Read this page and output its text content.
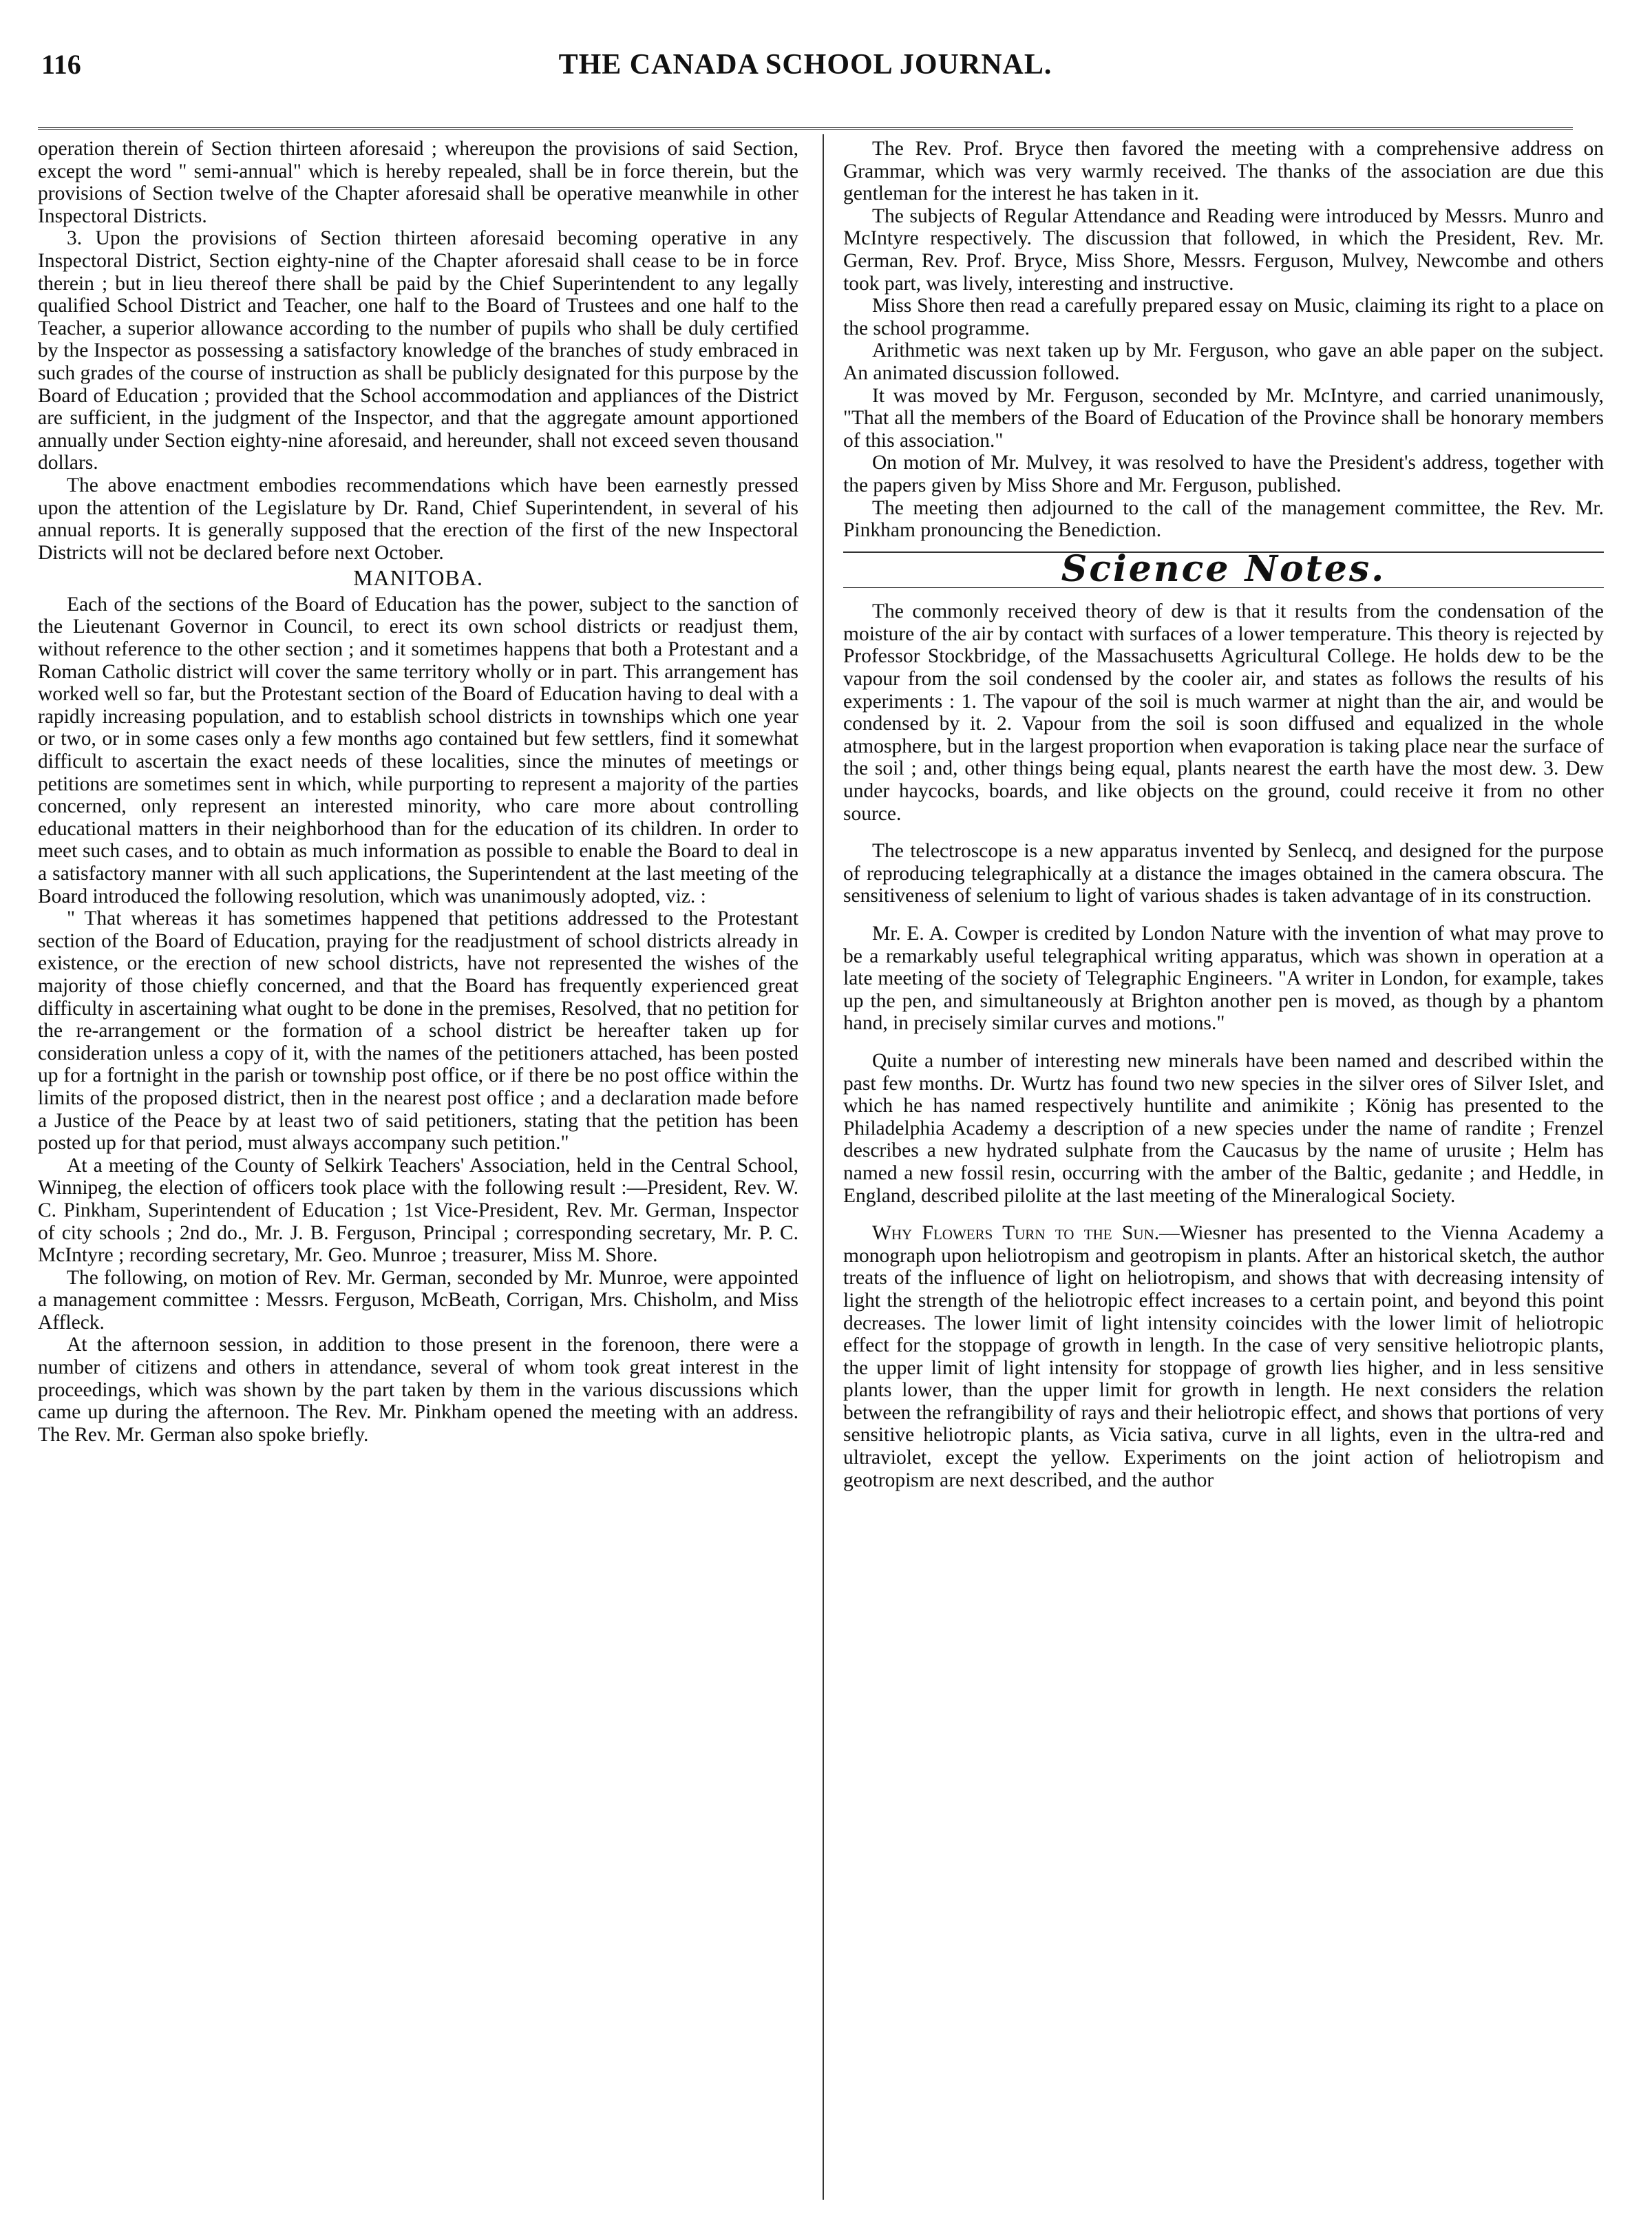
THE CANADA SCHOOL JOURNAL.
116

operation therein of Section thirteen aforesaid ; whereupon the provisions of said Section, except the word " semi-annual" which is hereby repealed, shall be in force therein, but the provisions of Section twelve of the Chapter aforesaid shall be operative meanwhile in other Inspectoral Districts.

3. Upon the provisions of Section thirteen aforesaid becoming operative in any Inspectoral District, Section eighty-nine of the Chapter aforesaid shall cease to be in force therein ; but in lieu thereof there shall be paid by the Chief Superintendent to any legally qualified School District and Teacher, one half to the Board of Trustees and one half to the Teacher, a superior allowance according to the number of pupils who shall be duly certified by the Inspector as possessing a satisfactory knowledge of the branches of study embraced in such grades of the course of instruction as shall be publicly designated for this purpose by the Board of Education ; provided that the School accommodation and appliances of the District are sufficient, in the judgment of the Inspector, and that the aggregate amount apportioned annually under Section eighty-nine aforesaid, and hereunder, shall not exceed seven thousand dollars.

The above enactment embodies recommendations which have been earnestly pressed upon the attention of the Legislature by Dr. Rand, Chief Superintendent, in several of his annual reports. It is generally supposed that the erection of the first of the new Inspectoral Districts will not be declared before next October.

MANITOBA.

Each of the sections of the Board of Education has the power, subject to the sanction of the Lieutenant Governor in Council, to erect its own school districts or readjust them, without reference to the other section ; and it sometimes happens that both a Protestant and a Roman Catholic district will cover the same territory wholly or in part. This arrangement has worked well so far, but the Protestant section of the Board of Education having to deal with a rapidly increasing population, and to establish school districts in townships which one year or two, or in some cases only a few months ago contained but few settlers, find it somewhat difficult to ascertain the exact needs of these localities, since the minutes of meetings or petitions are sometimes sent in which, while purporting to represent a majority of the parties concerned, only represent an interested minority, who care more about controlling educational matters in their neighborhood than for the education of its children. In order to meet such cases, and to obtain as much information as possible to enable the Board to deal in a satisfactory manner with all such applications, the Superintendent at the last meeting of the Board introduced the following resolution, which was unanimously adopted, viz. :

" That whereas it has sometimes happened that petitions addressed to the Protestant section of the Board of Education, praying for the readjustment of school districts already in existence, or the erection of new school districts, have not represented the wishes of the majority of those chiefly concerned, and that the Board has frequently experienced great difficulty in ascertaining what ought to be done in the premises, Resolved, that no petition for the re-arrangement or the formation of a school district be hereafter taken up for consideration unless a copy of it, with the names of the petitioners attached, has been posted up for a fortnight in the parish or township post office, or if there be no post office within the limits of the proposed district, then in the nearest post office ; and a declaration made before a Justice of the Peace by at least two of said petitioners, stating that the petition has been posted up for that period, must always accompany such petition."

At a meeting of the County of Selkirk Teachers' Association, held in the Central School, Winnipeg, the election of officers took place with the following result :—President, Rev. W. C. Pinkham, Superintendent of Education ; 1st Vice-President, Rev. Mr. German, Inspector of city schools ; 2nd do., Mr. J. B. Ferguson, Principal ; corresponding secretary, Mr. P. C. McIntyre ; recording secretary, Mr. Geo. Munroe ; treasurer, Miss M. Shore.

The following, on motion of Rev. Mr. German, seconded by Mr. Munroe, were appointed a management committee : Messrs. Ferguson, McBeath, Corrigan, Mrs. Chisholm, and Miss Affleck.

At the afternoon session, in addition to those present in the forenoon, there were a number of citizens and others in attendance, several of whom took great interest in the proceedings, which was shown by the part taken by them in the various discussions which came up during the afternoon. The Rev. Mr. Pinkham opened the meeting with an address. The Rev. Mr. German also spoke briefly.

The Rev. Prof. Bryce then favored the meeting with a comprehensive address on Grammar, which was very warmly received. The thanks of the association are due this gentleman for the interest he has taken in it.

The subjects of Regular Attendance and Reading were introduced by Messrs. Munro and McIntyre respectively. The discussion that followed, in which the President, Rev. Mr. German, Rev. Prof. Bryce, Miss Shore, Messrs. Ferguson, Mulvey, Newcombe and others took part, was lively, interesting and instructive.

Miss Shore then read a carefully prepared essay on Music, claiming its right to a place on the school programme.

Arithmetic was next taken up by Mr. Ferguson, who gave an able paper on the subject. An animated discussion followed.

It was moved by Mr. Ferguson, seconded by Mr. McIntyre, and carried unanimously, "That all the members of the Board of Education of the Province shall be honorary members of this association."

On motion of Mr. Mulvey, it was resolved to have the President's address, together with the papers given by Miss Shore and Mr. Ferguson, published.

The meeting then adjourned to the call of the management committee, the Rev. Mr. Pinkham pronouncing the Benediction.

Science Notes.

The commonly received theory of dew is that it results from the condensation of the moisture of the air by contact with surfaces of a lower temperature. This theory is rejected by Professor Stockbridge, of the Massachusetts Agricultural College. He holds dew to be the vapour from the soil condensed by the cooler air, and states as follows the results of his experiments : 1. The vapour of the soil is much warmer at night than the air, and would be condensed by it. 2. Vapour from the soil is soon diffused and equalized in the whole atmosphere, but in the largest proportion when evaporation is taking place near the surface of the soil ; and, other things being equal, plants nearest the earth have the most dew. 3. Dew under haycocks, boards, and like objects on the ground, could receive it from no other source.

The telectroscope is a new apparatus invented by Senlecq, and designed for the purpose of reproducing telegraphically at a distance the images obtained in the camera obscura. The sensitiveness of selenium to light of various shades is taken advantage of in its construction.

Mr. E. A. Cowper is credited by London Nature with the invention of what may prove to be a remarkably useful telegraphical writing apparatus, which was shown in operation at a late meeting of the society of Telegraphic Engineers. "A writer in London, for example, takes up the pen, and simultaneously at Brighton another pen is moved, as though by a phantom hand, in precisely similar curves and motions."

Quite a number of interesting new minerals have been named and described within the past few months. Dr. Wurtz has found two new species in the silver ores of Silver Islet, and which he has named respectively huntilite and animikite ; König has presented to the Philadelphia Academy a description of a new species under the name of randite ; Frenzel describes a new hydrated sulphate from the Caucasus by the name of urusite ; Helm has named a new fossil resin, occurring with the amber of the Baltic, gedanite ; and Heddle, in England, described pilolite at the last meeting of the Mineralogical Society.

Why Flowers Turn to the Sun.—Wiesner has presented to the Vienna Academy a monograph upon heliotropism and geotropism in plants. After an historical sketch, the author treats of the influence of light on heliotropism, and shows that with decreasing intensity of light the strength of the heliotropic effect increases to a certain point, and beyond this point decreases. The lower limit of light intensity coincides with the lower limit of heliotropic effect for the stoppage of growth in length. In the case of very sensitive heliotropic plants, the upper limit of light intensity for stoppage of growth lies higher, and in less sensitive plants lower, than the upper limit for growth in length. He next considers the relation between the refrangibility of rays and their heliotropic effect, and shows that portions of very sensitive heliotropic plants, as Vicia sativa, curve in all lights, even in the ultra-red and ultraviolet, except the yellow. Experiments on the joint action of heliotropism and geotropism are next described, and the author
